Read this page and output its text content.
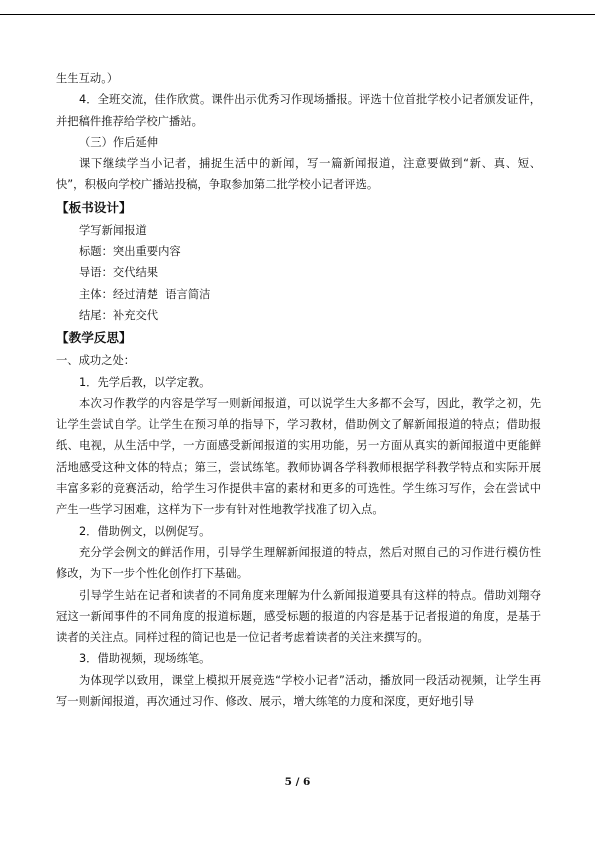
生生互动。）

4．全班交流，佳作欣赏。课件出示优秀习作现场播报。评选十位首批学校小记者颁发证件，并把稿件推荐给学校广播站。

（三）作后延伸

课下继续学当小记者，捕捉生活中的新闻，写一篇新闻报道，注意要做到“新、真、短、快”，积极向学校广播站投稿，争取参加第二批学校小记者评选。

【板书设计】

学写新闻报道

标题：突出重要内容

导语：交代结果

主体：经过清楚  语言简洁

结尾：补充交代

【教学反思】

一、成功之处：

1．先学后教，以学定教。

本次习作教学的内容是学写一则新闻报道，可以说学生大多都不会写，因此，教学之初，先让学生尝试自学。让学生在预习单的指导下，学习教材，借助例文了解新闻报道的特点；借助报纸、电视，从生活中学，一方面感受新闻报道的实用功能，另一方面从真实的新闻报道中更能鲜活地感受这种文体的特点；第三，尝试练笔。教师协调各学科教师根据学科教学特点和实际开展丰富多彩的竞赛活动，给学生习作提供丰富的素材和更多的可选性。学生练习写作，会在尝试中产生一些学习困难，这样为下一步有针对性地教学找准了切入点。

2．借助例文，以例促写。

充分学会例文的鲜活作用，引导学生理解新闻报道的特点，然后对照自己的习作进行模仿性修改，为下一步个性化创作打下基础。

引导学生站在记者和读者的不同角度来理解为什么新闻报道要具有这样的特点。借助刘翔夺冠这一新闻事件的不同角度的报道标题，感受标题的报道的内容是基于记者报道的角度，是基于读者的关注点。同样过程的简记也是一位记者考虑着读者的关注来撰写的。

3．借助视频，现场练笔。

为体现学以致用，课堂上模拟开展竞选“学校小记者”活动，播放同一段活动视频，让学生再写一则新闻报道，再次通过习作、修改、展示，增大练笔的力度和深度，更好地引导

5 / 6
